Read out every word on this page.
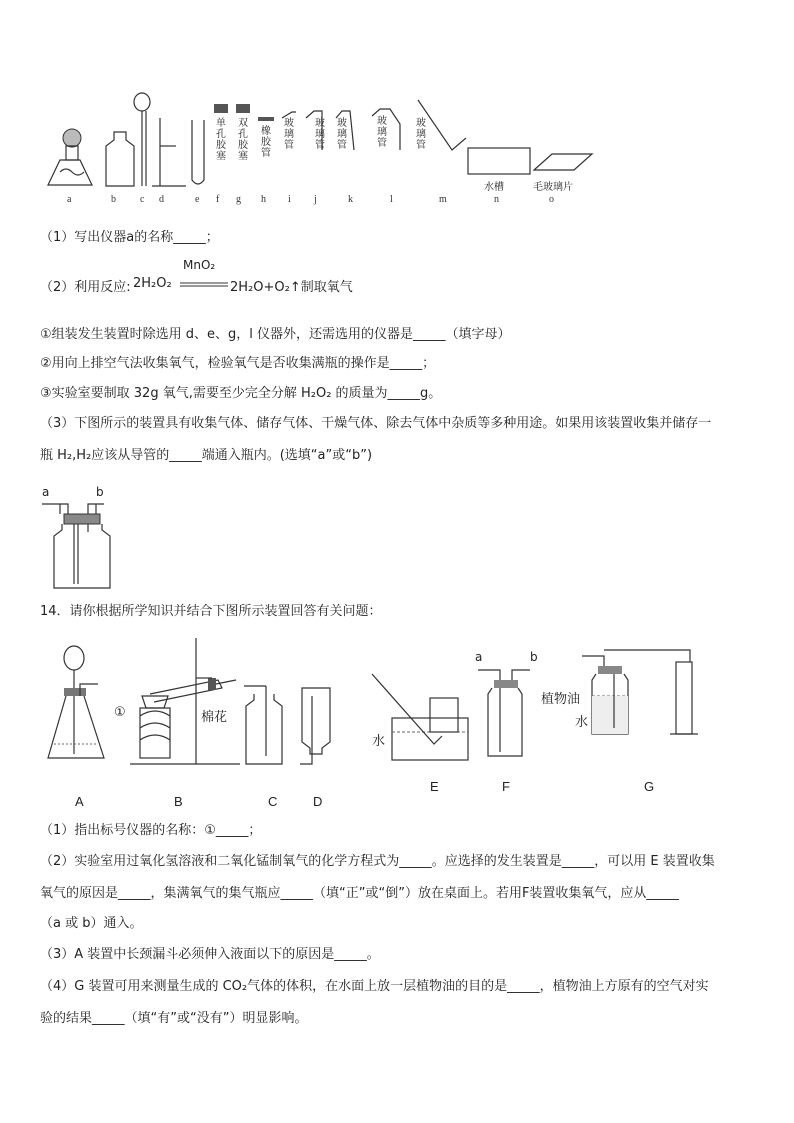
单孔胶塞
双孔胶塞
橡胶管
玻璃管
玻璃管
玻璃管
玻璃管
玻璃管
水槽	毛玻璃片
a	b c d	e f g h i j	k	l	m	n	o
（1）写出仪器a的名称_____；
（2）利用反应: 2H₂O₂
MnO₂
2H₂O+O₂↑制取氧气
①组装发生装置时除选用 d、e、g，l 仪器外，还需选用的仪器是_____（填字母）
②用向上排空气法收集氧气，检验氧气是否收集满瓶的操作是_____；
③实验室要制取 32g 氧气,需要至少完全分解 H₂O₂ 的质量为_____g。
（3）下图所示的装置具有收集气体、储存气体、干燥气体、除去气体中杂质等多种用途。如果用该装置收集并储存一
瓶 H₂,H₂应该从导管的_____端通入瓶内。(选填“a”或“b”)
a	b
14．请你根据所学知识并结合下图所示装置回答有关问题：
①	棉花
水
a	b
植物油
水
A	B	C	D
E	F	G
（1）指出标号仪器的名称：①_____；
（2）实验室用过氧化氢溶液和二氧化锰制氧气的化学方程式为_____。应选择的发生装置是_____，可以用 E 装置收集
氧气的原因是_____，集满氧气的集气瓶应_____（填“正”或“倒”）放在桌面上。若用F装置收集氧气，应从_____
（a 或 b）通入。
（3）A 装置中长颈漏斗必须伸入液面以下的原因是_____。
（4）G 装置可用来测量生成的 CO₂气体的体积，在水面上放一层植物油的目的是_____，植物油上方原有的空气对实
验的结果_____（填“有”或“没有”）明显影响。
